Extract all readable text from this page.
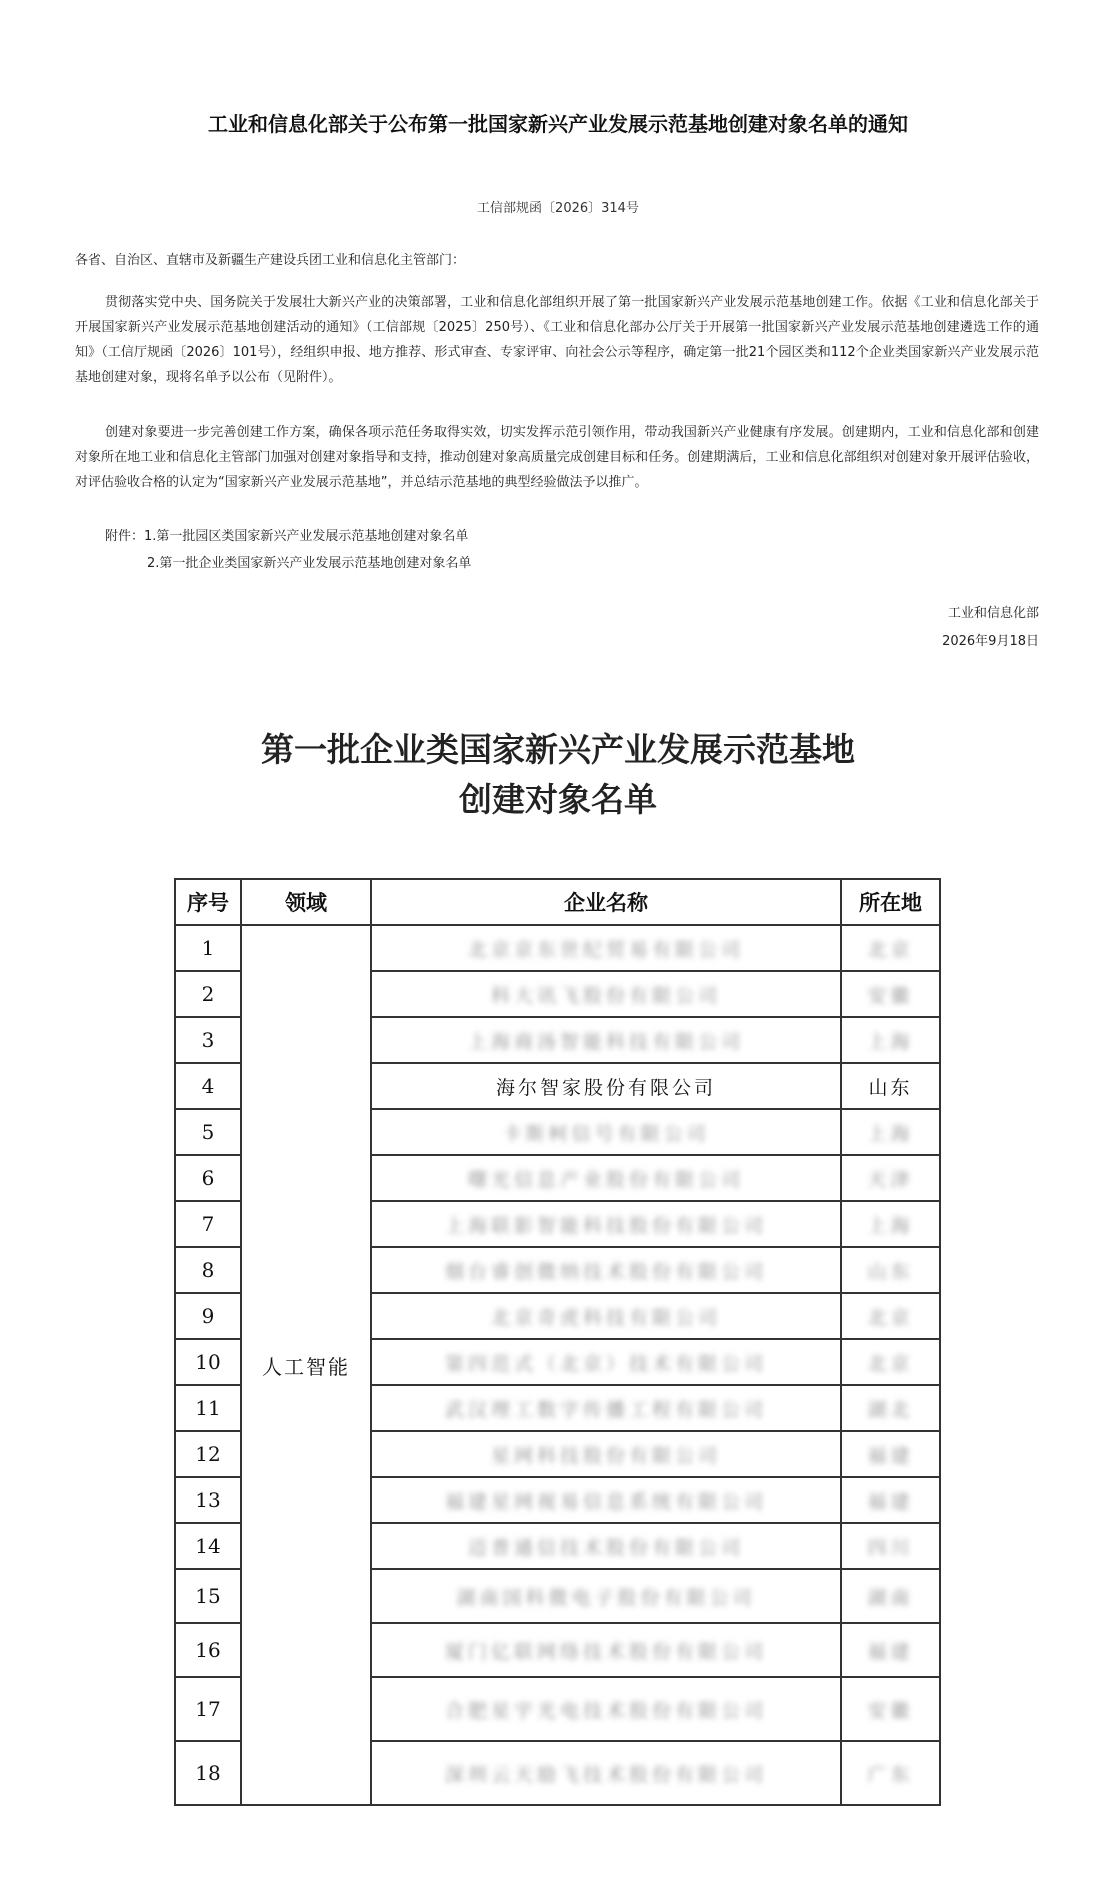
工业和信息化部关于公布第一批国家新兴产业发展示范基地创建对象名单的通知
工信部规函〔2026〕314号
各省、自治区、直辖市及新疆生产建设兵团工业和信息化主管部门：
贯彻落实党中央、国务院关于发展壮大新兴产业的决策部署，工业和信息化部组织开展了第一批国家新兴产业发展示范基地创建工作。依据《工业和信息化部关于开展国家新兴产业发展示范基地创建活动的通知》（工信部规〔2025〕250号）、《工业和信息化部办公厅关于开展第一批国家新兴产业发展示范基地创建遴选工作的通知》（工信厅规函〔2026〕101号），经组织申报、地方推荐、形式审查、专家评审、向社会公示等程序，确定第一批21个园区类和112个企业类国家新兴产业发展示范基地创建对象，现将名单予以公布（见附件）。
创建对象要进一步完善创建工作方案，确保各项示范任务取得实效，切实发挥示范引领作用，带动我国新兴产业健康有序发展。创建期内，工业和信息化部和创建对象所在地工业和信息化主管部门加强对创建对象指导和支持，推动创建对象高质量完成创建目标和任务。创建期满后，工业和信息化部组织对创建对象开展评估验收，对评估验收合格的认定为“国家新兴产业发展示范基地”，并总结示范基地的典型经验做法予以推广。
附件：1.第一批园区类国家新兴产业发展示范基地创建对象名单
2.第一批企业类国家新兴产业发展示范基地创建对象名单
工业和信息化部
2026年9月18日
第一批企业类国家新兴产业发展示范基地
创建对象名单
序号	领域	企业名称	所在地
1	人工智能	北京京东世纪贸易有限公司	北京
2		科大讯飞股份有限公司	安徽
3		上海商汤智能科技有限公司	上海
4		海尔智家股份有限公司	山东
5		卡斯柯信号有限公司	上海
6		曙光信息产业股份有限公司	天津
7		上海联影智能科技股份有限公司	上海
8		烟台睿创微纳技术股份有限公司	山东
9		北京奇虎科技有限公司	北京
10		第四范式（北京）技术有限公司	北京
11		武汉理工数字传播工程有限公司	湖北
12		星网科技股份有限公司	福建
13		福建星网视易信息系统有限公司	福建
14		迈普通信技术股份有限公司	四川
15		湖南国科微电子股份有限公司	湖南
16		厦门亿联网络技术股份有限公司	福建
17		合肥星宇光电技术股份有限公司	安徽
18		深圳云天励飞技术股份有限公司	广东
